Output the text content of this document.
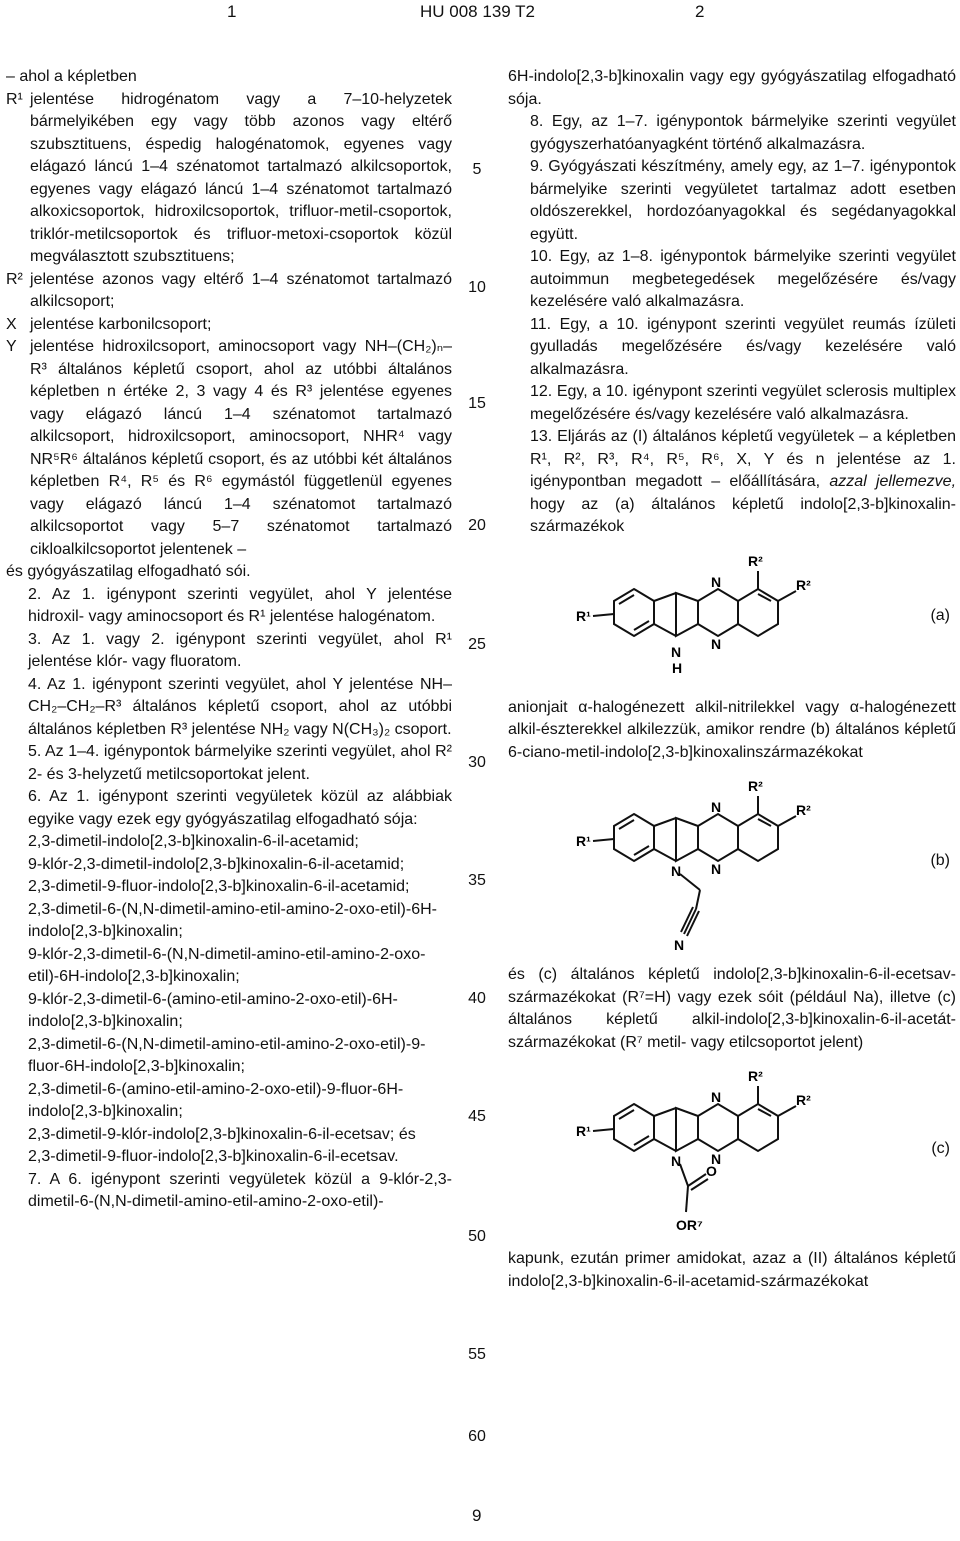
1	HU 008 139 T2	2
5
10
15
20
25
30
35
40
45
50
55
60

– ahol a képletben

R¹ jelentése hidrogénatom vagy a 7–10-helyzetek bármelyikében egy vagy több azonos vagy eltérő szubsztituens, éspedig halogénatomok, egyenes vagy elágazó láncú 1–4 szénatomot tartalmazó alkilcsoportok, egyenes vagy elágazó láncú 1–4 szénatomot tartalmazó alkoxicsoportok, hidroxilcsoportok, trifluor-metil-csoportok, triklór-metilcsoportok és trifluor-metoxi-csoportok közül megválasztott szubsztituens;
R² jelentése azonos vagy eltérő 1–4 szénatomot tartalmazó alkilcsoport;
X jelentése karbonilcsoport;
Y jelentése hidroxilcsoport, aminocsoport vagy NH–(CH₂)ₙ–R³ általános képletű csoport, ahol az utóbbi általános képletben n értéke 2, 3 vagy 4 és R³ jelentése egyenes vagy elágazó láncú 1–4 szénatomot tartalmazó alkilcsoport, hidroxilcsoport, aminocsoport, NHR⁴ vagy NR⁵R⁶ általános képletű csoport, és az utóbbi két általános képletben R⁴, R⁵ és R⁶ egymástól függetlenül egyenes vagy elágazó láncú 1–4 szénatomot tartalmazó alkilcsoportot vagy 5–7 szénatomot tartalmazó cikloalkilcsoportot jelentenek –

és gyógyászatilag elfogadható sói.

2. Az 1. igénypont szerinti vegyület, ahol Y jelentése hidroxil- vagy aminocsoport és R¹ jelentése halogénatom.

3. Az 1. vagy 2. igénypont szerinti vegyület, ahol R¹ jelentése klór- vagy fluoratom.

4. Az 1. igénypont szerinti vegyület, ahol Y jelentése NH–CH₂–CH₂–R³ általános képletű csoport, ahol az utóbbi általános képletben R³ jelentése NH₂ vagy N(CH₃)₂ csoport.

5. Az 1–4. igénypontok bármelyike szerinti vegyület, ahol R² 2- és 3-helyzetű metilcsoportokat jelent.

6. Az 1. igénypont szerinti vegyületek közül az alábbiak egyike vagy ezek egy gyógyászatilag elfogadható sója:

2,3-dimetil-indolo[2,3-b]kinoxalin-6-il-acetamid;

9-klór-2,3-dimetil-indolo[2,3-b]kinoxalin-6-il-acetamid;

2,3-dimetil-9-fluor-indolo[2,3-b]kinoxalin-6-il-acetamid;

2,3-dimetil-6-(N,N-dimetil-amino-etil-amino-2-oxo-etil)-6H-indolo[2,3-b]kinoxalin;

9-klór-2,3-dimetil-6-(N,N-dimetil-amino-etil-amino-2-oxo-etil)-6H-indolo[2,3-b]kinoxalin;

9-klór-2,3-dimetil-6-(amino-etil-amino-2-oxo-etil)-6H-indolo[2,3-b]kinoxalin;

2,3-dimetil-6-(N,N-dimetil-amino-etil-amino-2-oxo-etil)-9-fluor-6H-indolo[2,3-b]kinoxalin;

2,3-dimetil-6-(amino-etil-amino-2-oxo-etil)-9-fluor-6H-indolo[2,3-b]kinoxalin;

2,3-dimetil-9-klór-indolo[2,3-b]kinoxalin-6-il-ecetsav; és

2,3-dimetil-9-fluor-indolo[2,3-b]kinoxalin-6-il-ecetsav.

7. A 6. igénypont szerinti vegyületek közül a 9-klór-2,3-dimetil-6-(N,N-dimetil-amino-etil-amino-2-oxo-etil)-

6H-indolo[2,3-b]kinoxalin vagy egy gyógyászatilag elfogadható sója.

8. Egy, az 1–7. igénypontok bármelyike szerinti vegyület gyógyszerhatóanyagként történő alkalmazásra.

9. Gyógyászati készítmény, amely egy, az 1–7. igénypontok bármelyike szerinti vegyületet tartalmaz adott esetben oldószerekkel, hordozóanyagokkal és segédanyagokkal együtt.

10. Egy, az 1–8. igénypontok bármelyike szerinti vegyület autoimmun megbetegedések megelőzésére és/vagy kezelésére való alkalmazásra.

11. Egy, a 10. igénypont szerinti vegyület reumás ízületi gyulladás megelőzésére és/vagy kezelésére való alkalmazásra.

12. Egy, a 10. igénypont szerinti vegyület sclerosis multiplex megelőzésére és/vagy kezelésére való alkalmazásra.

13. Eljárás az (I) általános képletű vegyületek – a képletben R¹, R², R³, R⁴, R⁵, R⁶, X, Y és n jelentése az 1. igénypontban megadott – előállítására, azzal jellemezve, hogy az (a) általános képletű indolo[2,3-b]kinoxalin-származékok

N
N
N
H
R¹
R²
R²
(a)

anionjait α-halogénezett alkil-nitrilekkel vagy α-halogénezett alkil-észterekkel alkilezzük, amikor rendre (b) általános képletű 6-ciano-metil-indolo[2,3-b]kinoxalinszármazékokat

N
N
N
N
R¹
R²
R²
(b)

és (c) általános képletű indolo[2,3-b]kinoxalin-6-il-ecetsav-származékokat (R⁷=H) vagy ezek sóit (például Na), illetve (c) általános képletű alkil-indolo[2,3-b]kinoxalin-6-il-acetát-származékokat (R⁷ metil- vagy etilcsoportot jelent)

N
N
N
O
OR⁷
R¹
R²
R²
(c)

kapunk, ezután primer amidokat, azaz a (II) általános képletű indolo[2,3-b]kinoxalin-6-il-acetamid-származékokat

9
